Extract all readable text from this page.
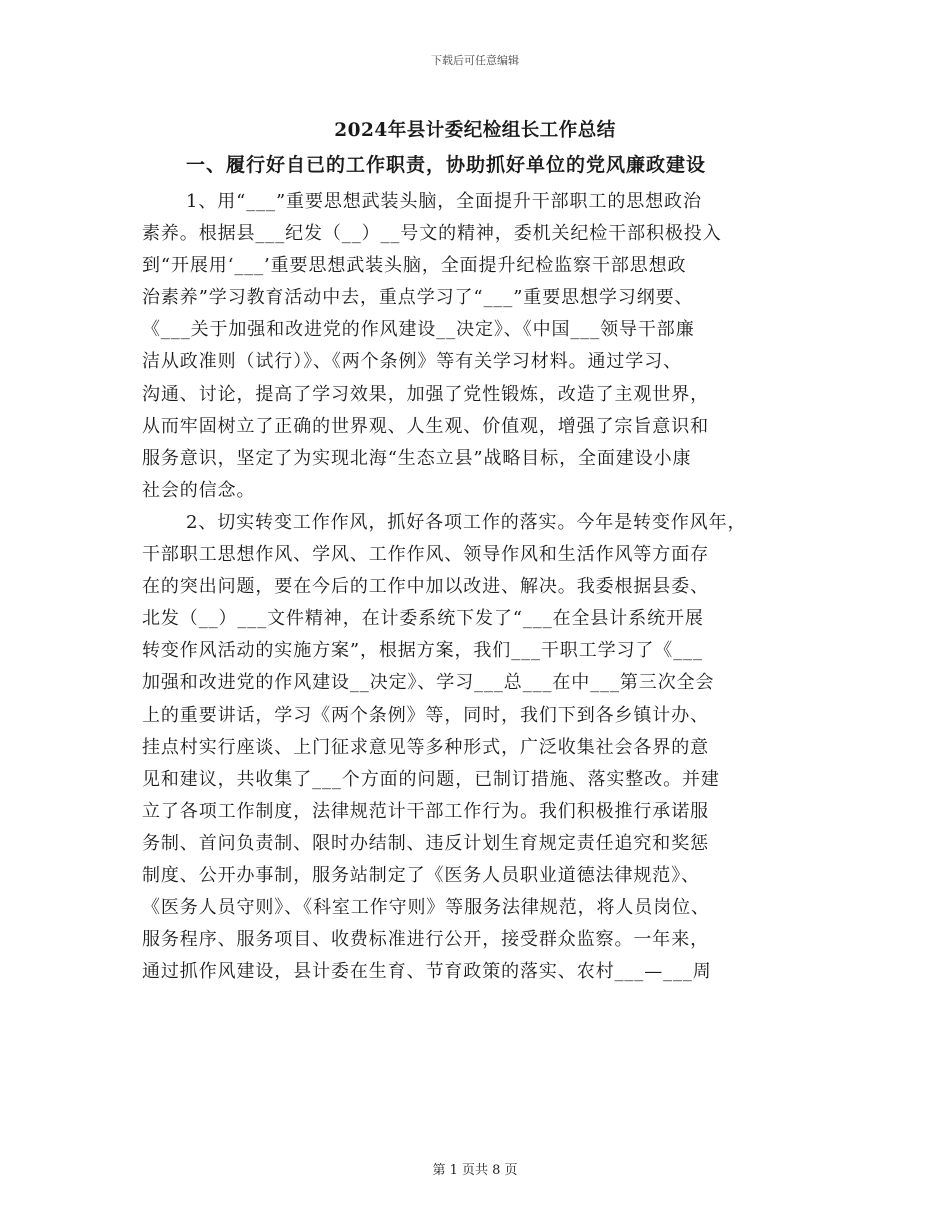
下载后可任意编辑
2024年县计委纪检组长工作总结
一、履行好自已的工作职责，协助抓好单位的党风廉政建设
1、用“___”重要思想武装头脑，全面提升干部职工的思想政治
素养。根据县___纪发（__）__号文的精神，委机关纪检干部积极投入
到“开展用‘___’重要思想武装头脑，全面提升纪检监察干部思想政
治素养”学习教育活动中去，重点学习了“___”重要思想学习纲要、
《___关于加强和改进党的作风建设__决定》、《中国___领导干部廉
洁从政准则（试行）》、《两个条例》等有关学习材料。通过学习、
沟通、讨论，提高了学习效果，加强了党性锻炼，改造了主观世界，
从而牢固树立了正确的世界观、人生观、价值观，增强了宗旨意识和
服务意识，坚定了为实现北海“生态立县”战略目标，全面建设小康
社会的信念。
2、切实转变工作作风，抓好各项工作的落实。今年是转变作风年，
干部职工思想作风、学风、工作作风、领导作风和生活作风等方面存
在的突出问题，要在今后的工作中加以改进、解决。我委根据县委、
北发（__）___文件精神，在计委系统下发了“___在全县计系统开展
转变作风活动的实施方案”，根据方案，我们___干职工学习了《___
加强和改进党的作风建设__决定》、学习___总___在中___第三次全会
上的重要讲话，学习《两个条例》等，同时，我们下到各乡镇计办、
挂点村实行座谈、上门征求意见等多种形式，广泛收集社会各界的意
见和建议，共收集了___个方面的问题，已制订措施、落实整改。并建
立了各项工作制度，法律规范计干部工作行为。我们积极推行承诺服
务制、首问负责制、限时办结制、违反计划生育规定责任追究和奖惩
制度、公开办事制，服务站制定了《医务人员职业道德法律规范》、
《医务人员守则》、《科室工作守则》等服务法律规范，将人员岗位、
服务程序、服务项目、收费标准进行公开，接受群众监察。一年来，
通过抓作风建设，县计委在生育、节育政策的落实、农村___—___周
第 1 页共 8 页
